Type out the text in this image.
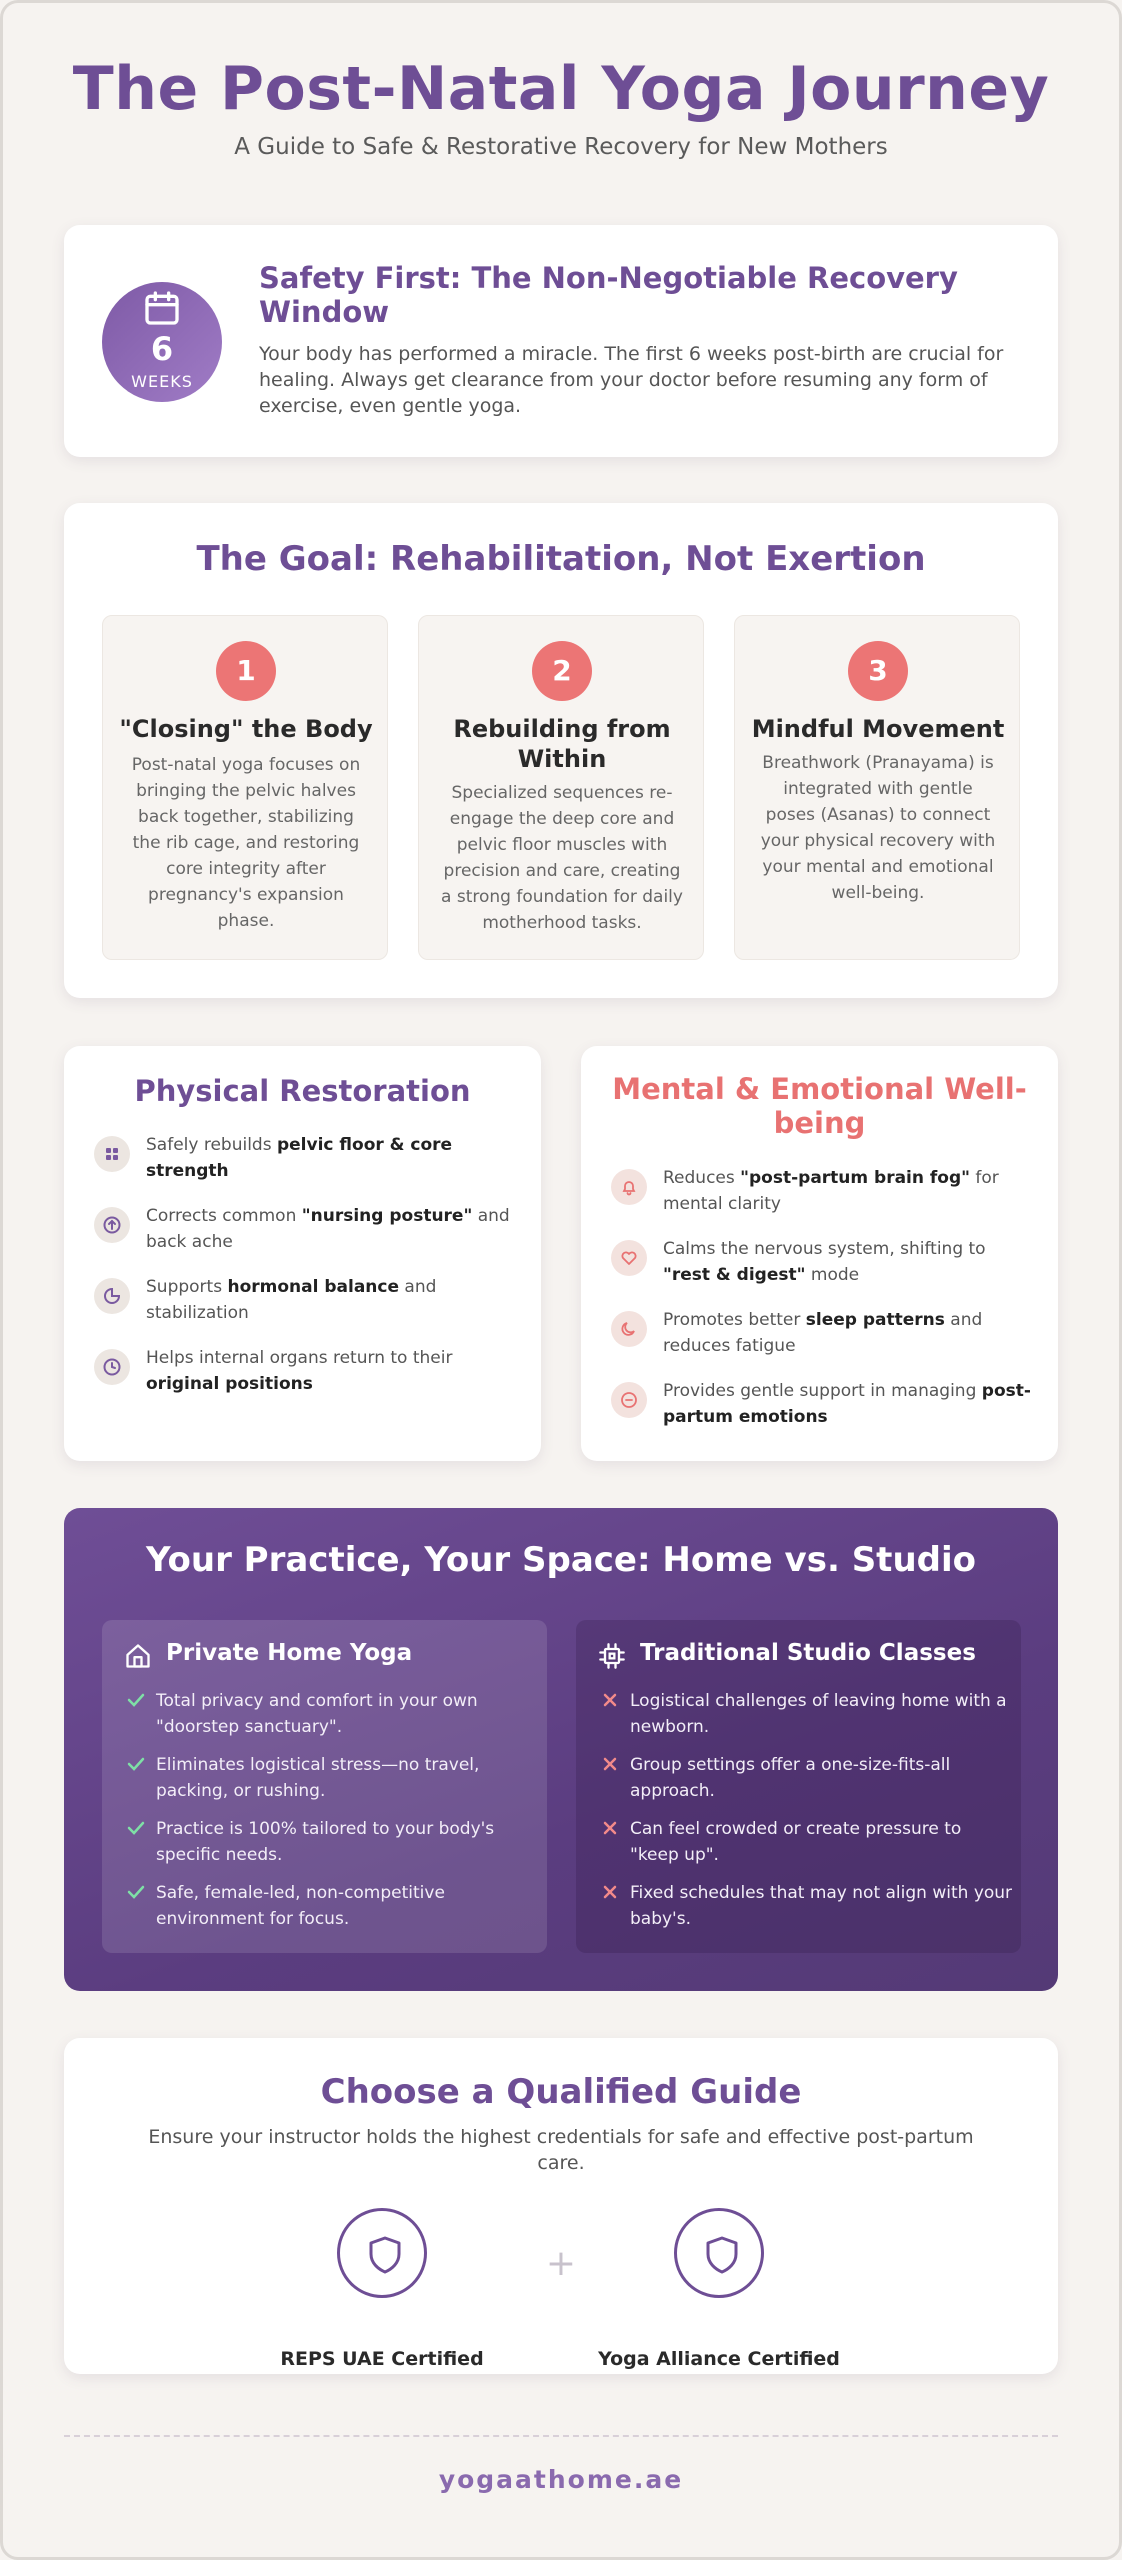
The Post-Natal Yoga Journey
A Guide to Safe & Restorative Recovery for New Mothers
6
WEEKS
Safety First: The Non-Negotiable Recovery Window

Your body has performed a miracle. The first 6 weeks post-birth are crucial for healing. Always get clearance from your doctor before resuming any form of exercise, even gentle yoga.

The Goal: Rehabilitation, Not Exertion
1
"Closing" the Body

Post-natal yoga focuses on bringing the pelvic halves back together, stabilizing the rib cage, and restoring core integrity after pregnancy's expansion phase.

2
Rebuilding from Within

Specialized sequences re-engage the deep core and pelvic floor muscles with precision and care, creating a strong foundation for daily motherhood tasks.

3
Mindful Movement

Breathwork (Pranayama) is integrated with gentle poses (Asanas) to connect your physical recovery with your mental and emotional well-being.

Physical Restoration
Safely rebuilds pelvic floor & core strength
Corrects common "nursing posture" and back ache
Supports hormonal balance and stabilization
Helps internal organs return to their original positions
Mental & Emotional Well-being
Reduces "post-partum brain fog" for mental clarity
Calms the nervous system, shifting to "rest & digest" mode
Promotes better sleep patterns and reduces fatigue
Provides gentle support in managing post-partum emotions
Your Practice, Your Space: Home vs. Studio
Private Home Yoga
Total privacy and comfort in your own "doorstep sanctuary".
Eliminates logistical stress—no travel, packing, or rushing.
Practice is 100% tailored to your body's specific needs.
Safe, female-led, non-competitive environment for focus.
Traditional Studio Classes
Logistical challenges of leaving home with a newborn.
Group settings offer a one-size-fits-all approach.
Can feel crowded or create pressure to "keep up".
Fixed schedules that may not align with your baby's.
Choose a Qualified Guide

Ensure your instructor holds the highest credentials for safe and effective post-partum care.

REPS UAE Certified
+
Yoga Alliance Certified
yogaathome.ae
